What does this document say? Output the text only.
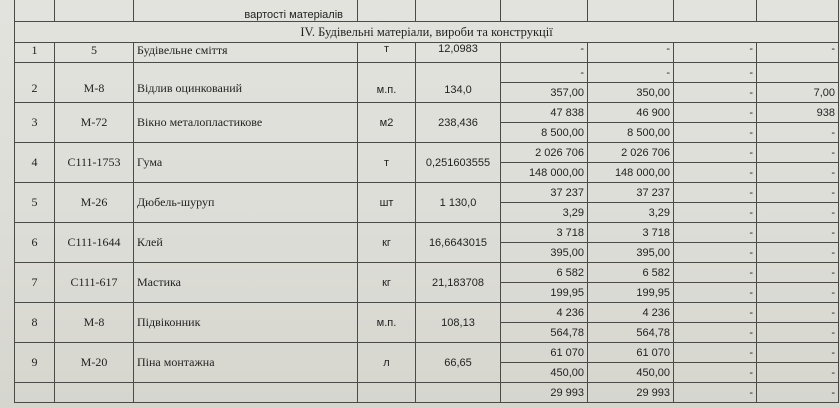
		вартості матеріалів						
IV. Будівельні матеріали, вироби та конструкції								
1	5	Будівельне сміття	т	12,0983	-	-	-	-
2	М-8	Відлив оцинкований	м.п.	134,0	-	-	-	
					357,00	350,00	-	7,00
3	М-72	Вікно металопластикове	м2	238,436	47 838	46 900	-	938
					8 500,00	8 500,00	-	-
4	С111-1753	Гума	т	0,251603555	2 026 706	2 026 706	-	-
					148 000,00	148 000,00	-	-
5	М-26	Дюбель-шуруп	шт	1 130,0	37 237	37 237	-	-
					3,29	3,29	-	-
6	С111-1644	Клей	кг	16,6643015	3 718	3 718	-	-
					395,00	395,00	-	-
7	С111-617	Мастика	кг	21,183708	6 582	6 582	-	-
					199,95	199,95	-	-
8	М-8	Підвіконник	м.п.	108,13	4 236	4 236	-	-
					564,78	564,78	-	-
9	М-20	Піна монтажна	л	66,65	61 070	61 070	-	-
					450,00	450,00	-	-
					29 993	29 993	-	-
